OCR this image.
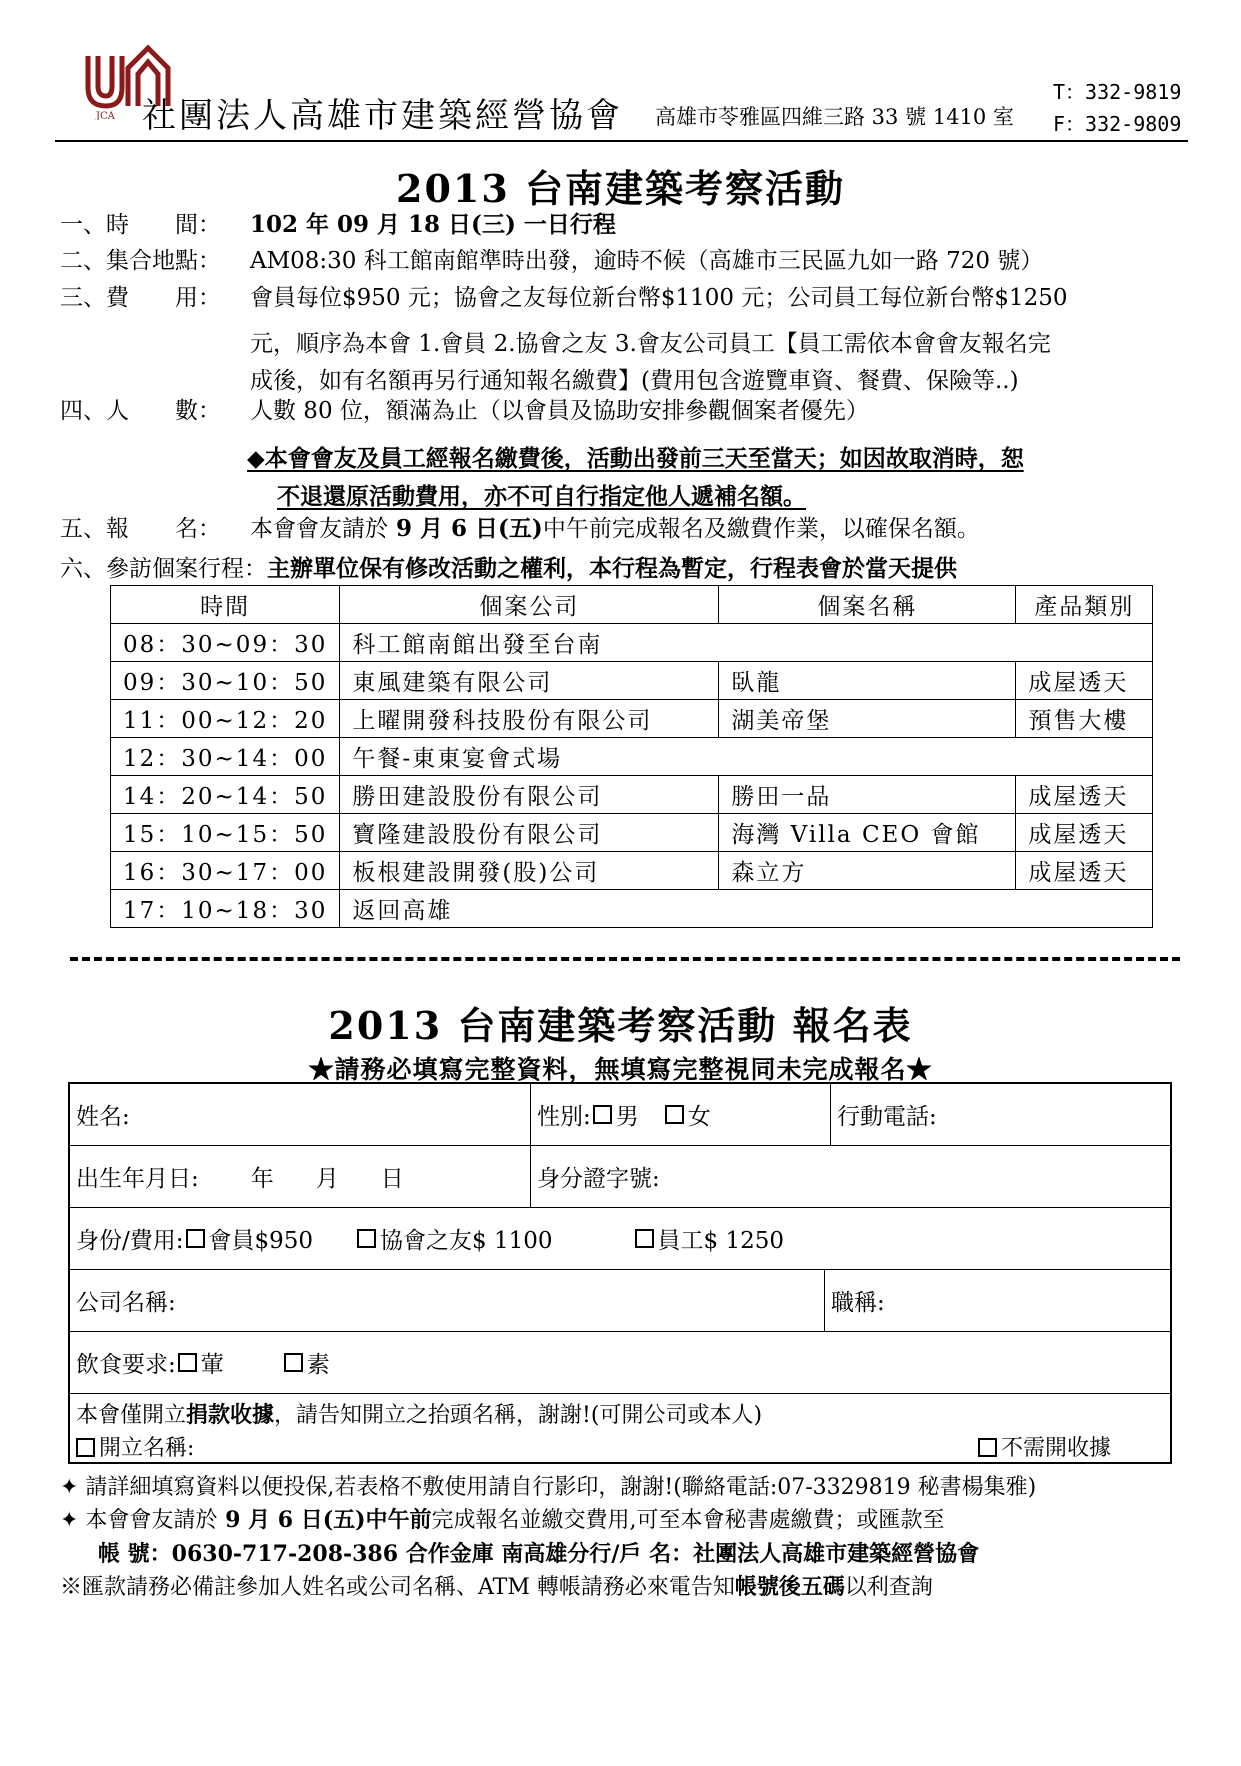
JCA 社團法人高雄市建築經營協會 高雄市苓雅區四維三路 33 號 1410 室
T：332-9819
F：332-9809
2013 台南建築考察活動
一、時　　間： 102 年 09 月 18 日(三) 一日行程
二、集合地點： AM08:30 科工館南館準時出發，逾時不候（高雄市三民區九如一路 720 號）
三、費　　用： 會員每位$950 元；協會之友每位新台幣$1100 元；公司員工每位新台幣$1250
元，順序為本會 1.會員 2.協會之友 3.會友公司員工【員工需依本會會友報名完
成後，如有名額再另行通知報名繳費】(費用包含遊覽車資、餐費、保險等..)
四、人　　數： 人數 80 位，額滿為止（以會員及協助安排參觀個案者優先）
◆本會會友及員工經報名繳費後，活動出發前三天至當天；如因故取消時，恕
不退還原活動費用，亦不可自行指定他人遞補名額。
五、報　　名： 本會會友請於 9 月 6 日(五)中午前完成報名及繳費作業，以確保名額。
六、參訪個案行程：主辦單位保有修改活動之權利，本行程為暫定，行程表會於當天提供
時間	個案公司	個案名稱	產品類別
08：30~09：30	科工館南館出發至台南		
09：30~10：50	東風建築有限公司	臥龍	成屋透天
11：00~12：20	上曜開發科技股份有限公司	湖美帝堡	預售大樓
12：30~14：00	午餐-東東宴會式場		
14：20~14：50	勝田建設股份有限公司	勝田一品	成屋透天
15：10~15：50	寶隆建設股份有限公司	海灣 Villa CEO 會館	成屋透天
16：30~17：00	板根建設開發(股)公司	森立方	成屋透天
17：10~18：30	返回高雄		
2013 台南建築考察活動 報名表
★請務必填寫完整資料，無填寫完整視同未完成報名★
姓名:	性別: 男 女	行動電話:
出生年月日: 年 月 日	身分證字號:
身份/費用: 會員$950	協會之友$ 1100	員工$ 1250
公司名稱:	職稱:
飲食要求: 葷	素
本會僅開立捐款收據，請告知開立之抬頭名稱，謝謝!(可開公司或本人)
開立名稱:	不需開收據
✦ 請詳細填寫資料以便投保,若表格不敷使用請自行影印，謝謝!(聯絡電話:07-3329819 秘書楊集雅)
✦ 本會會友請於 9 月 6 日(五)中午前完成報名並繳交費用,可至本會秘書處繳費；或匯款至
帳 號：0630-717-208-386 合作金庫 南高雄分行/戶 名：社團法人高雄市建築經營協會
※匯款請務必備註參加人姓名或公司名稱、ATM 轉帳請務必來電告知帳號後五碼以利查詢
